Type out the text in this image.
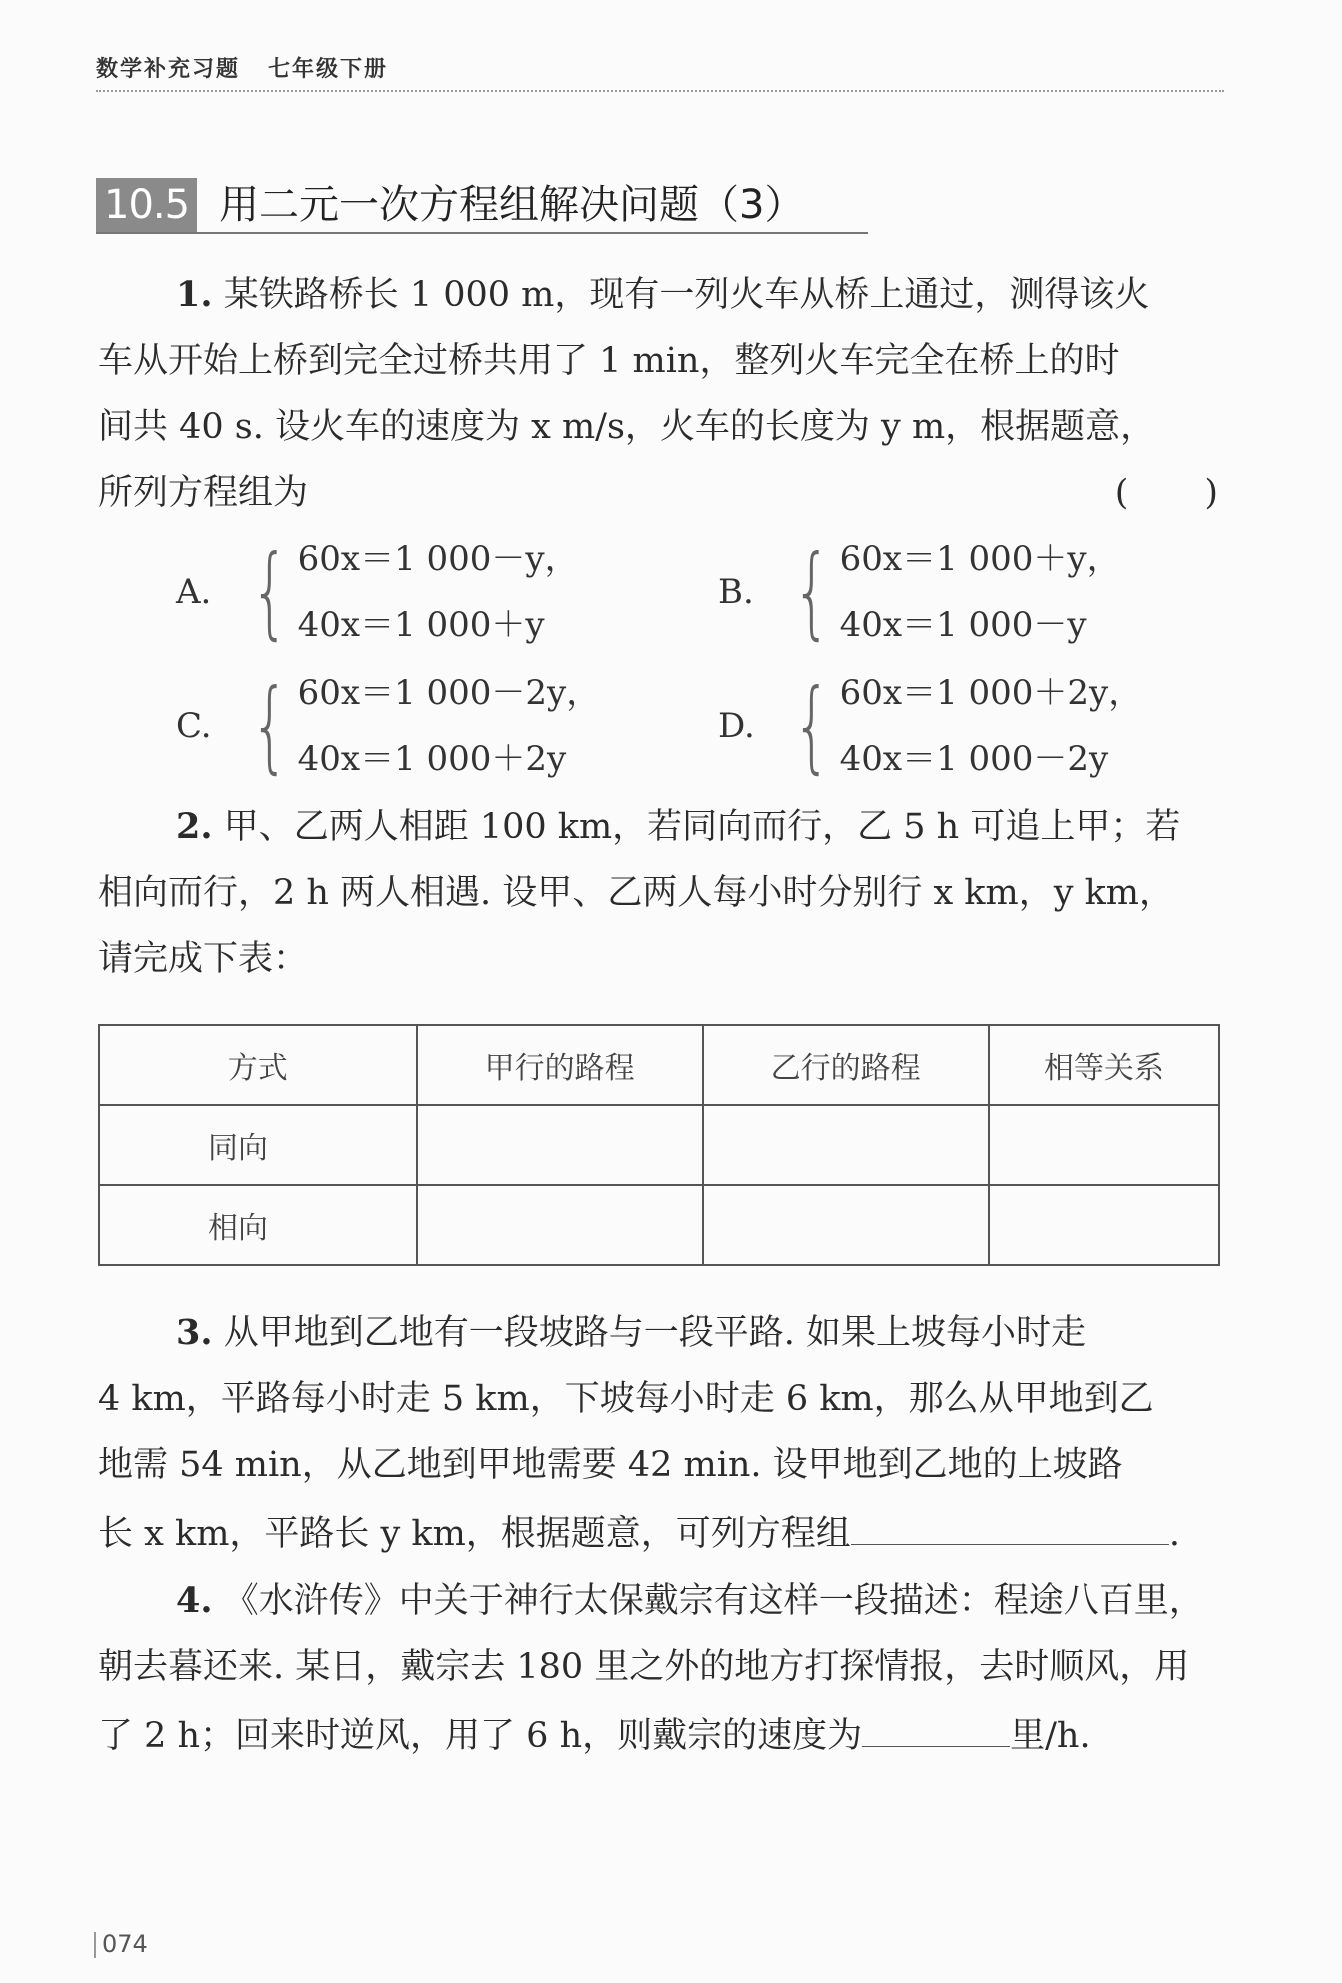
数学补充习题 七年级下册
10.5 用二元一次方程组解决问题（3）
1. 某铁路桥长 1 000 m，现有一列火车从桥上通过，测得该火
车从开始上桥到完全过桥共用了 1 min，整列火车完全在桥上的时
间共 40 s. 设火车的速度为 x m/s，火车的长度为 y m，根据题意，
所列方程组为	(　　)
A. { 60x＝1 000－y，
40x＝1 000＋y
B. { 60x＝1 000＋y，
40x＝1 000－y
C. { 60x＝1 000－2y，
40x＝1 000＋2y
D. { 60x＝1 000＋2y，
40x＝1 000－2y
2. 甲、乙两人相距 100 km，若同向而行，乙 5 h 可追上甲；若
相向而行，2 h 两人相遇. 设甲、乙两人每小时分别行 x km，y km，
请完成下表：
方式	甲行的路程	乙行的路程	相等关系
同向			
相向			
3. 从甲地到乙地有一段坡路与一段平路. 如果上坡每小时走
4 km，平路每小时走 5 km，下坡每小时走 6 km，那么从甲地到乙
地需 54 min，从乙地到甲地需要 42 min. 设甲地到乙地的上坡路
长 x km，平路长 y km，根据题意，可列方程组	.
4. 《水浒传》中关于神行太保戴宗有这样一段描述：程途八百里，
朝去暮还来. 某日，戴宗去 180 里之外的地方打探情报，去时顺风，用
了 2 h；回来时逆风，用了 6 h，则戴宗的速度为	里/h.
074
